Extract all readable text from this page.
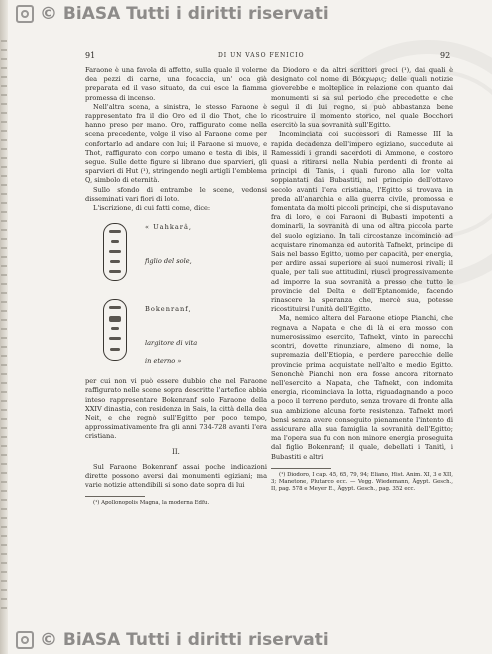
© BiASA Tutti i diritti riservati
91	DI UN VASO FENICIO	92

Faraone è una favola di affetto, sulla quale il volerne dea pezzi di carne, una focaccia, un' oca già preparata ed il vaso situato, da cui esce la fiamma promessa di incenso.

Nell'altra scena, a sinistra, le stesso Faraone è rappresentato fra il dio Oro ed il dio Thot, che lo hanno preso per mano. Oro, raffigurato come nella scena precedente, volge il viso al Faraone come per confortarlo ad andare con lui; il Faraone si muove, e Thot, raffigurato con corpo umano e testa di ibis, il segue. Sulle dette figure si librano due sparvieri, gli sparvieri di Hut (¹), stringendo negli artigli l'emblema Q, simbolo di eternità.

Sullo sfondo di entrambe le scene, vedonsi disseminati vari fiori di loto.

L'iscrizione, di cui fatti come, dice:

« Uahkarâ,
figlio del sole,
Bokenranf,
largitore di vita
in eterno »

per cui non vi può essere dubbio che nel Faraone raffigurato nelle scene sopra descritte l'artefice abbia inteso rappresentare Bokenranf solo Faraone della XXIV dinastia, con residenza in Sais, la città della dea Neit, e che regnò sull'Egitto per poco tempo, approssimativamente fra gli anni 734-728 avanti l'era cristiana.

II.

Sul Faraone Bokenranf assai poche indicazioni dirette possono aversi dai monumenti egiziani; ma varie notizie attendibili si sono date sopra di lui

(¹) Apollonopolis Magna, la moderna Edfu.

da Diodoro e da altri scrittori greci (¹), dai quali è designato col nome di Βόκχωρις; delle quali notizie gioverebbe e molteplice in relazione con quanto dai monumenti si sa sul periodo che precedette e che seguì il di lui regno, si può abbastanza bene ricostruire il momento storico, nel quale Bocchori esercitò la sua sovranità sull'Egitto.

Incominciata coi successori di Ramesse III la rapida decadenza dell'impero egiziano, succedute ai Ramessidi i grandi sacerdoti di Ammone, e costoro quasi a ritirarsi nella Nubia perdenti di fronte ai principi di Tanis, i quali furono alla lor volta soppiantati dai Bubastiti, nel principio dell'ottavo secolo avanti l'era cristiana, l'Egitto si trovava in preda all'anarchia e alla guerra civile, promossa e fomentata da molti piccoli principi, che si disputavano fra di loro, e coi Faraoni di Bubasti impotenti a dominarli, la sovranità di una od altra piccola parte del suolo egiziano. In tali circostanze incominciò ad acquistare rinomanza ed autorità Tafnekt, principe di Sais nel basso Egitto, uomo per capacità, per energia, per ardire assai superiore ai suoi numerosi rivali; il quale, per tali sue attitudini, riuscì progressivamente ad imporre la sua sovranità a presso che tutto le provincie del Delta e dell'Eptanomide, facendo rinascere la speranza che, mercè sua, potesse ricostituirsi l'unità dell'Egitto.

Ma, nemico altera del Faraone etiope Pianchi, che regnava a Napata e che di là ei era mosso con numerosissimo esercito, Tafnekt, vinto in parecchi scontri, dovette rinunziare, almeno di nome, la supremazia dell'Etiopia, e perdere parecchie delle provincie prima acquistate nell'alto e medio Egitto. Senonchè Pianchi non era fosse ancora ritornato nell'esercito a Napata, che Tafnekt, con indomita energia, ricominciava la lotta, riguadagnando a poco a poco il terreno perduto, senza trovare di fronte alla sua ambizione alcuna forte resistenza. Tafnekt morì bensì senza avere conseguito pienamente l'intento di assicurare alla sua famiglia la sovranità dell'Egitto; ma l'opera sua fu con non minore energia proseguita dal figlio Bokenranf; il quale, debellati i Tanitì, i Bubastiti e altri

(¹) Diodoro, I cap. 45, 65, 79, 94; Eliano, Hist. Anim. XI, 3 e XII, 3; Manetone, Plutarco ecc. — Vegg. Wiedemann, Ägypt. Gesch., II, pag. 578 e Meyer E., Ägypt. Gesch., pag. 352 ecc.

© BiASA Tutti i diritti riservati
